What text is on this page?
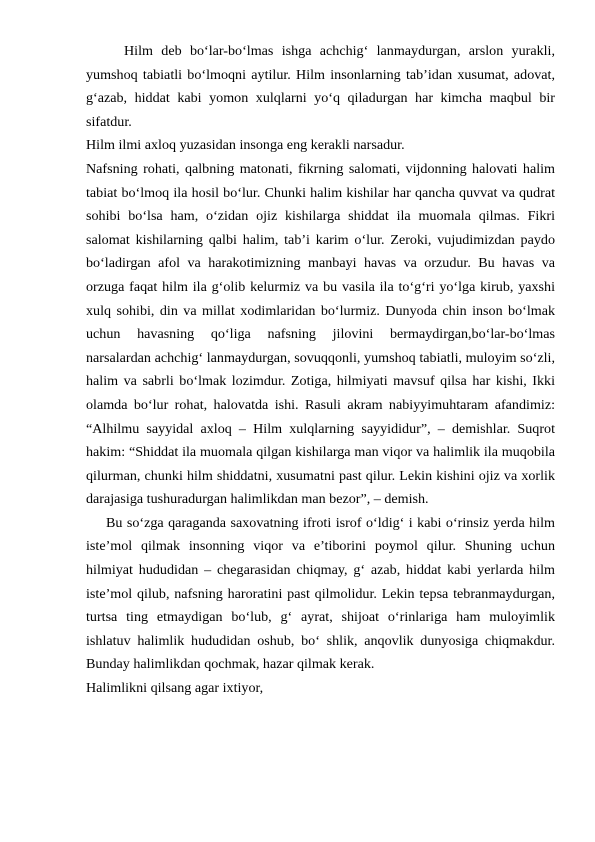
Hilm deb bo‘lar-bo‘lmas ishga achchig‘ lanmaydurgan, arslon yurakli, yumshoq tabiatli bo‘lmoqni aytilur. Hilm insonlarning tab’idan xusumat, adovat, g‘azab, hiddat kabi yomon xulqlarni yo‘q qiladurgan har kimcha maqbul bir sifatdur.

Hilm ilmi axloq yuzasidan insonga eng kerakli narsadur.

Nafsning rohati, qalbning matonati, fikrning salomati, vijdonning halovati halim tabiat bo‘lmoq ila hosil bo‘lur. Chunki halim kishilar har qancha quvvat va qudrat sohibi bo‘lsa ham, o‘zidan ojiz kishilarga shiddat ila muomala qilmas. Fikri salomat kishilarning qalbi halim, tab’i karim o‘lur. Zeroki, vujudimizdan paydo bo‘ladirgan afol va harakotimizning manbayi havas va orzudur. Bu havas va orzuga faqat hilm ila g‘olib kelurmiz va bu vasila ila to‘g‘ri yo‘lga kirub, yaxshi xulq sohibi, din va millat xodimlaridan bo‘lurmiz. Dunyoda chin inson bo‘lmak uchun havasning qo‘liga nafsning jilovini bermaydirgan,bo‘lar-bo‘lmas narsalardan achchig‘ lanmaydurgan, sovuqqonli, yumshoq tabiatli, muloyim so‘zli, halim va sabrli bo‘lmak lozimdur. Zotiga, hilmiyati mavsuf qilsa har kishi, Ikki olamda bo‘lur rohat, halovatda ishi. Rasuli akram nabiyyimuhtaram afandimiz: “Alhilmu sayyidal axloq – Hilm xulqlarning sayyididur”, – demishlar. Suqrot hakim: “Shiddat ila muomala qilgan kishilarga man viqor va halimlik ila muqobila qilurman, chunki hilm shiddatni, xusumatni past qilur. Lekin kishini ojiz va xorlik darajasiga tushuradurgan halimlikdan man bezor”, – demish.

Bu so‘zga qaraganda saxovatning ifroti isrof o‘ldig‘ i kabi o‘rinsiz yerda hilm iste’mol qilmak insonning viqor va e’tiborini poymol qilur. Shuning uchun hilmiyat hududidan – chegarasidan chiqmay, g‘ azab, hiddat kabi yerlarda hilm iste’mol qilub, nafsning haroratini past qilmolidur. Lekin tepsa tebranmaydurgan, turtsa ting etmaydigan bo‘lub, g‘ ayrat, shijoat o‘rinlariga ham muloyimlik ishlatuv halimlik hududidan oshub, bo‘ shlik, anqovlik dunyosiga chiqmakdur. Bunday halimlikdan qochmak, hazar qilmak kerak.

Halimlikni qilsang agar ixtiyor,
